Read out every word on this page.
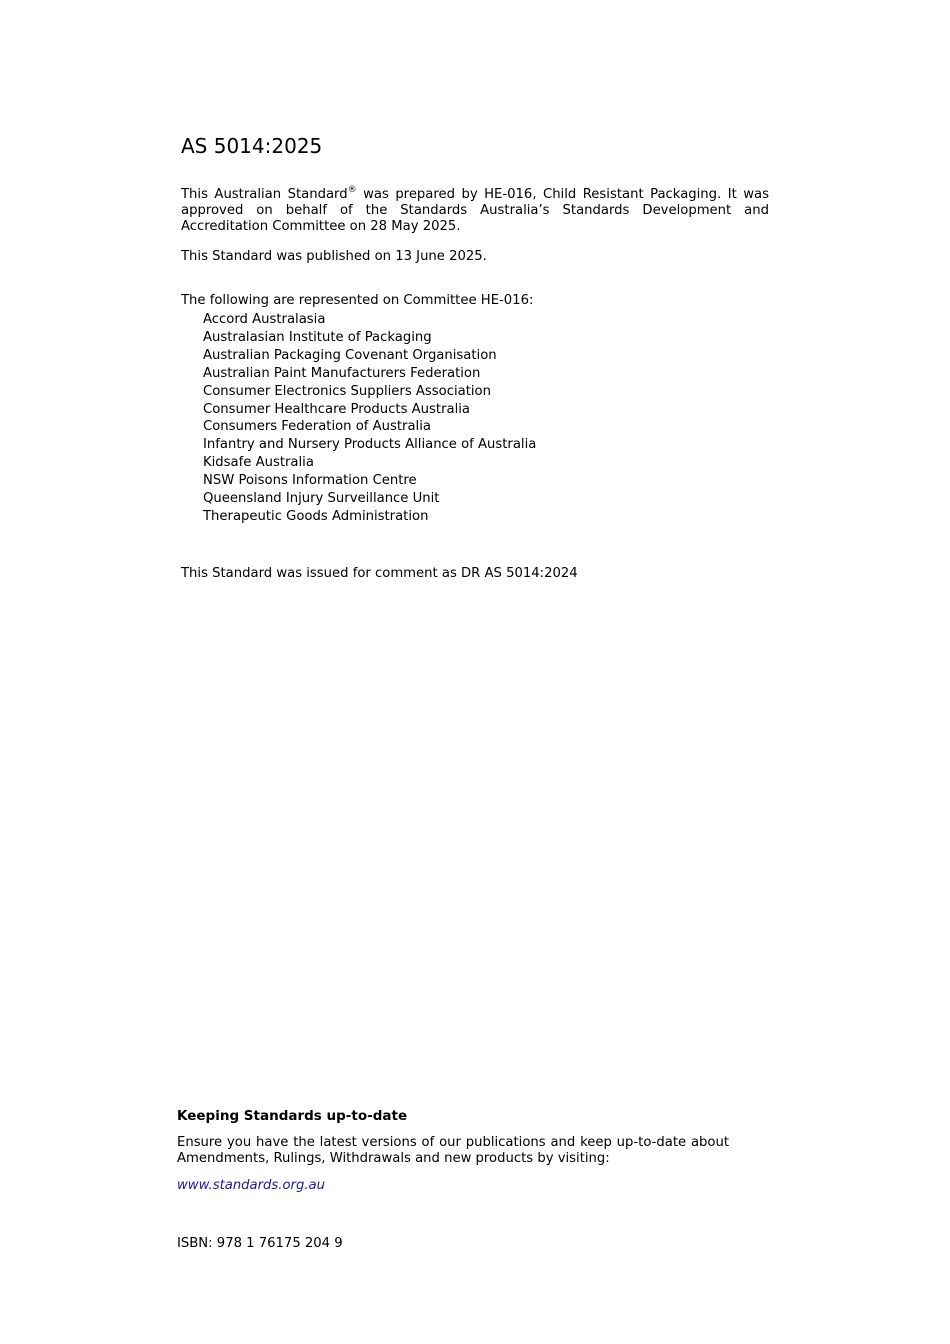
AS 5014:2025

This Australian Standard® was prepared by HE-016, Child Resistant Packaging. It was approved on behalf of the Standards Australia’s Standards Development and Accreditation Committee on 28 May 2025.

This Standard was published on 13 June 2025.

The following are represented on Committee HE-016:

Accord Australasia
Australasian Institute of Packaging
Australian Packaging Covenant Organisation
Australian Paint Manufacturers Federation
Consumer Electronics Suppliers Association
Consumer Healthcare Products Australia
Consumers Federation of Australia
Infantry and Nursery Products Alliance of Australia
Kidsafe Australia
NSW Poisons Information Centre
Queensland Injury Surveillance Unit
Therapeutic Goods Administration

This Standard was issued for comment as DR AS 5014:2024

Keeping Standards up-to-date

Ensure you have the latest versions of our publications and keep up-to-date about Amendments, Rulings, Withdrawals and new products by visiting:

www.standards.org.au

ISBN: 978 1 76175 204 9
